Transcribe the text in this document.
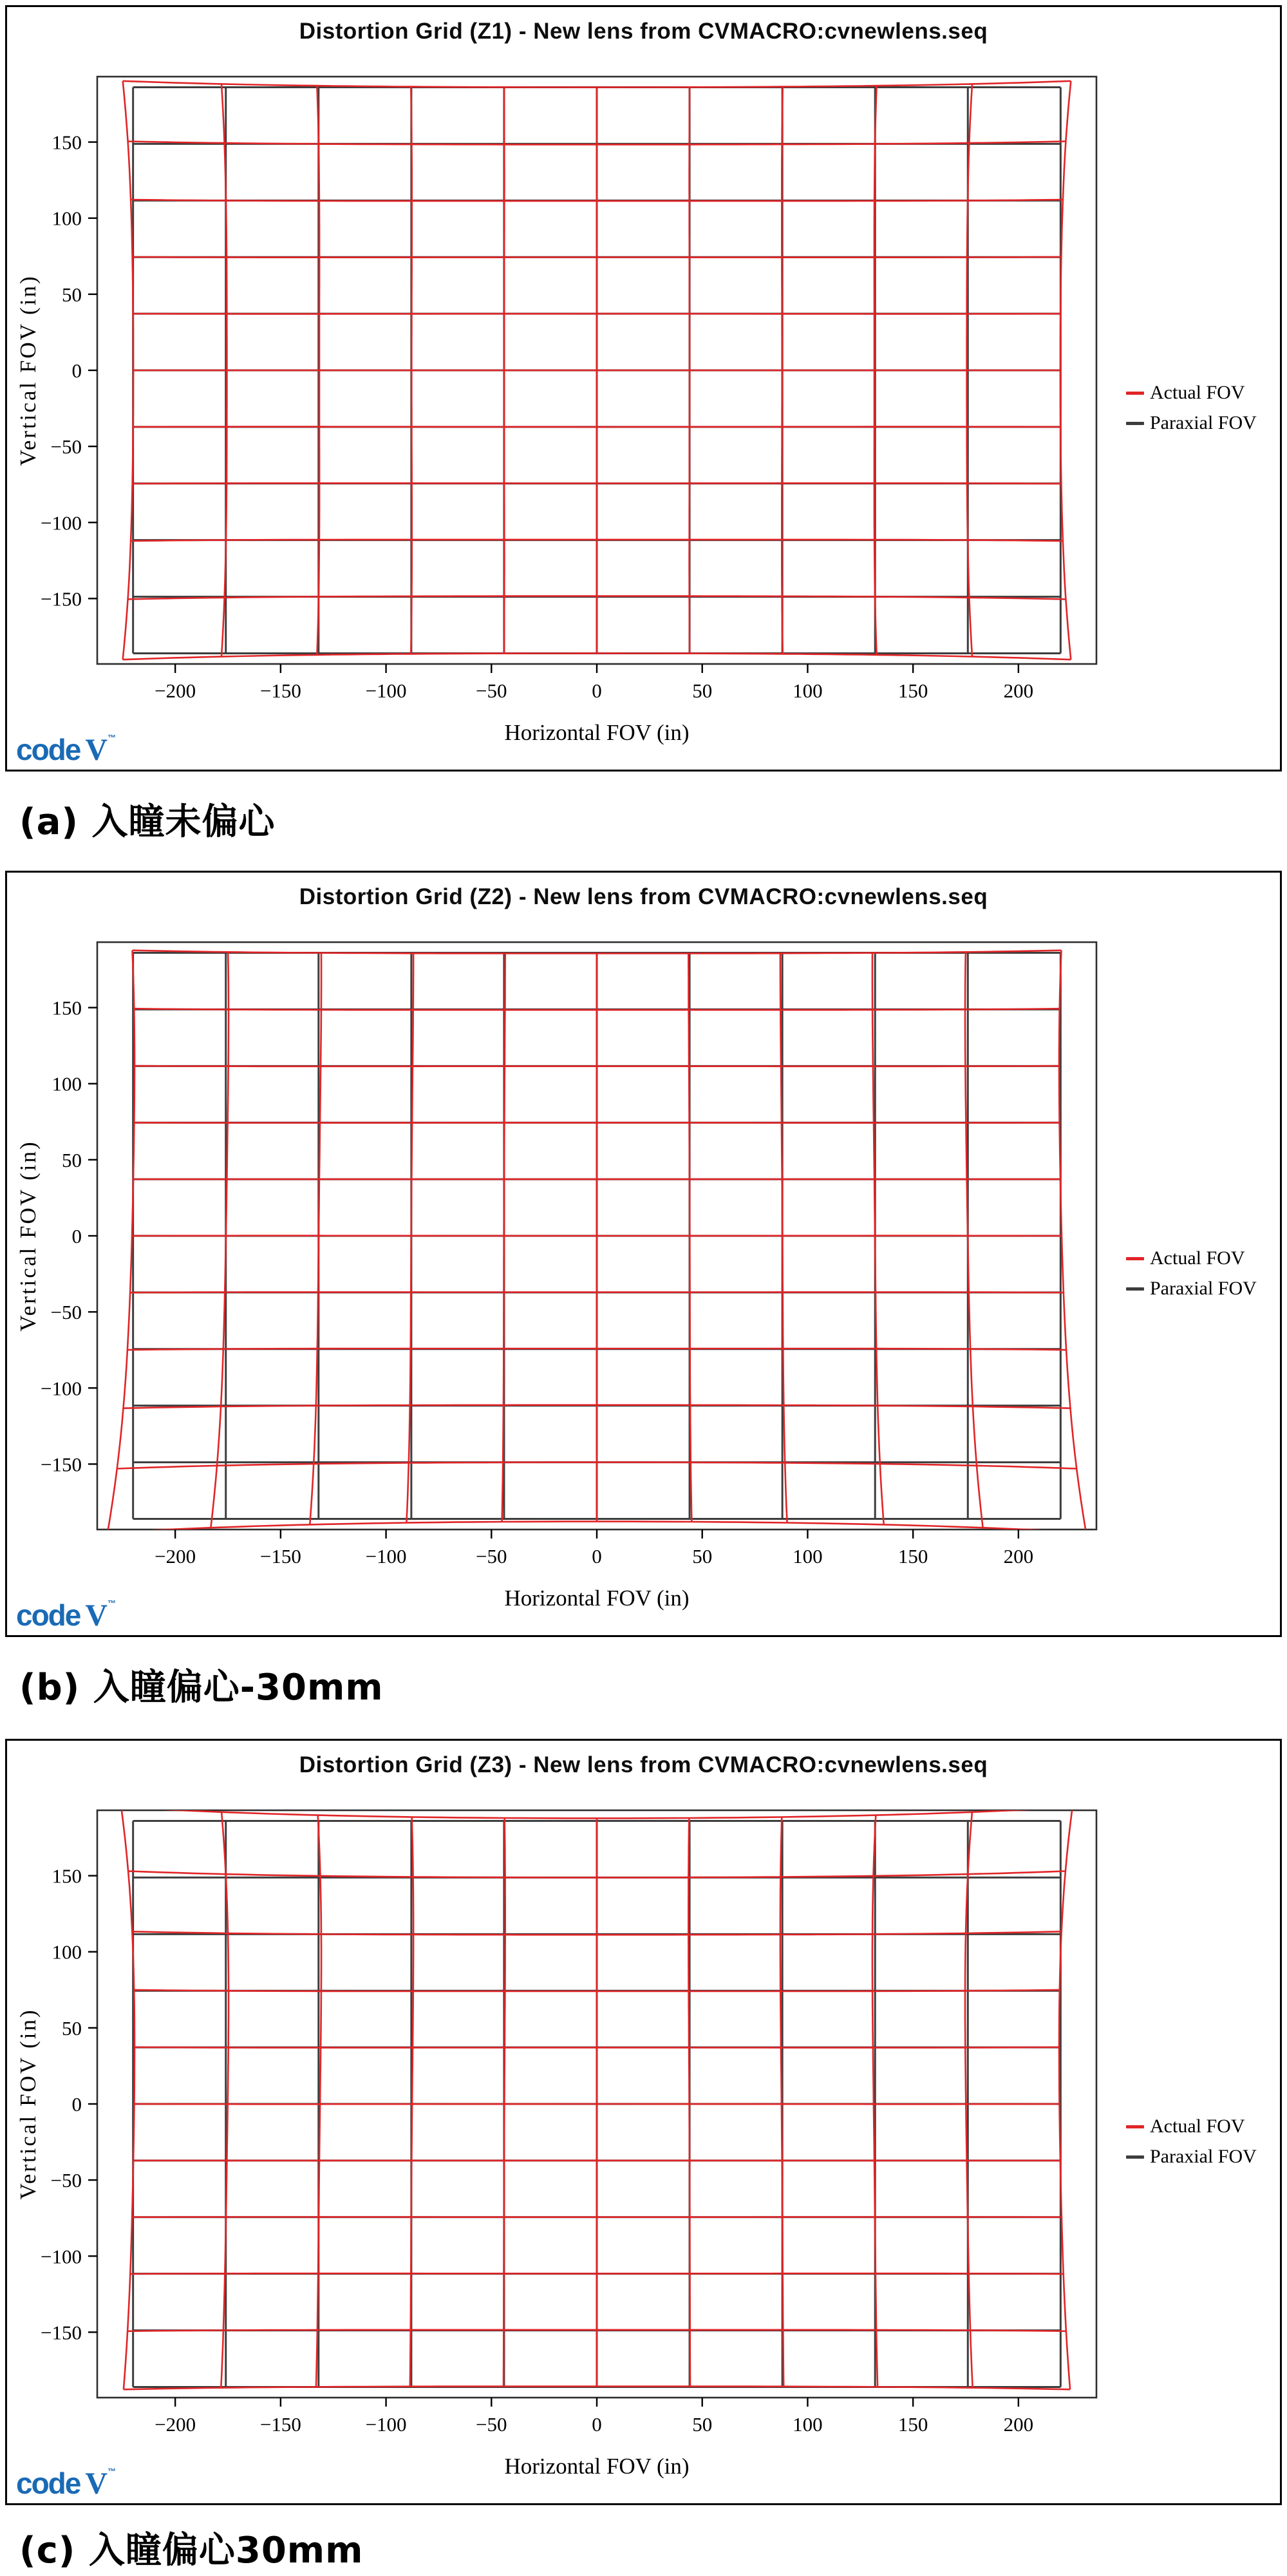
Distortion Grid (Z1) - New lens from CVMACRO:cvnewlens.seq
−200	−150	−100	−50	0	50	100	150	200
150
100
50
0
−50
−100
−150
Horizontal FOV (in)
Vertical FOV (in)	Actual FOV
Paraxial FOV
code V™
(a) 入瞳未偏心
Distortion Grid (Z2) - New lens from CVMACRO:cvnewlens.seq
−200	−150	−100	−50	0	50	100	150	200
150
100
50
0
−50
−100
−150
Horizontal FOV (in)
Vertical FOV (in)	Actual FOV
Paraxial FOV
code V™
(b) 入瞳偏心-30mm
Distortion Grid (Z3) - New lens from CVMACRO:cvnewlens.seq
−200	−150	−100	−50	0	50	100	150	200
150
100
50
0
−50
−100
−150
Horizontal FOV (in)
Vertical FOV (in)	Actual FOV
Paraxial FOV
code V™
(c) 入瞳偏心30mm
